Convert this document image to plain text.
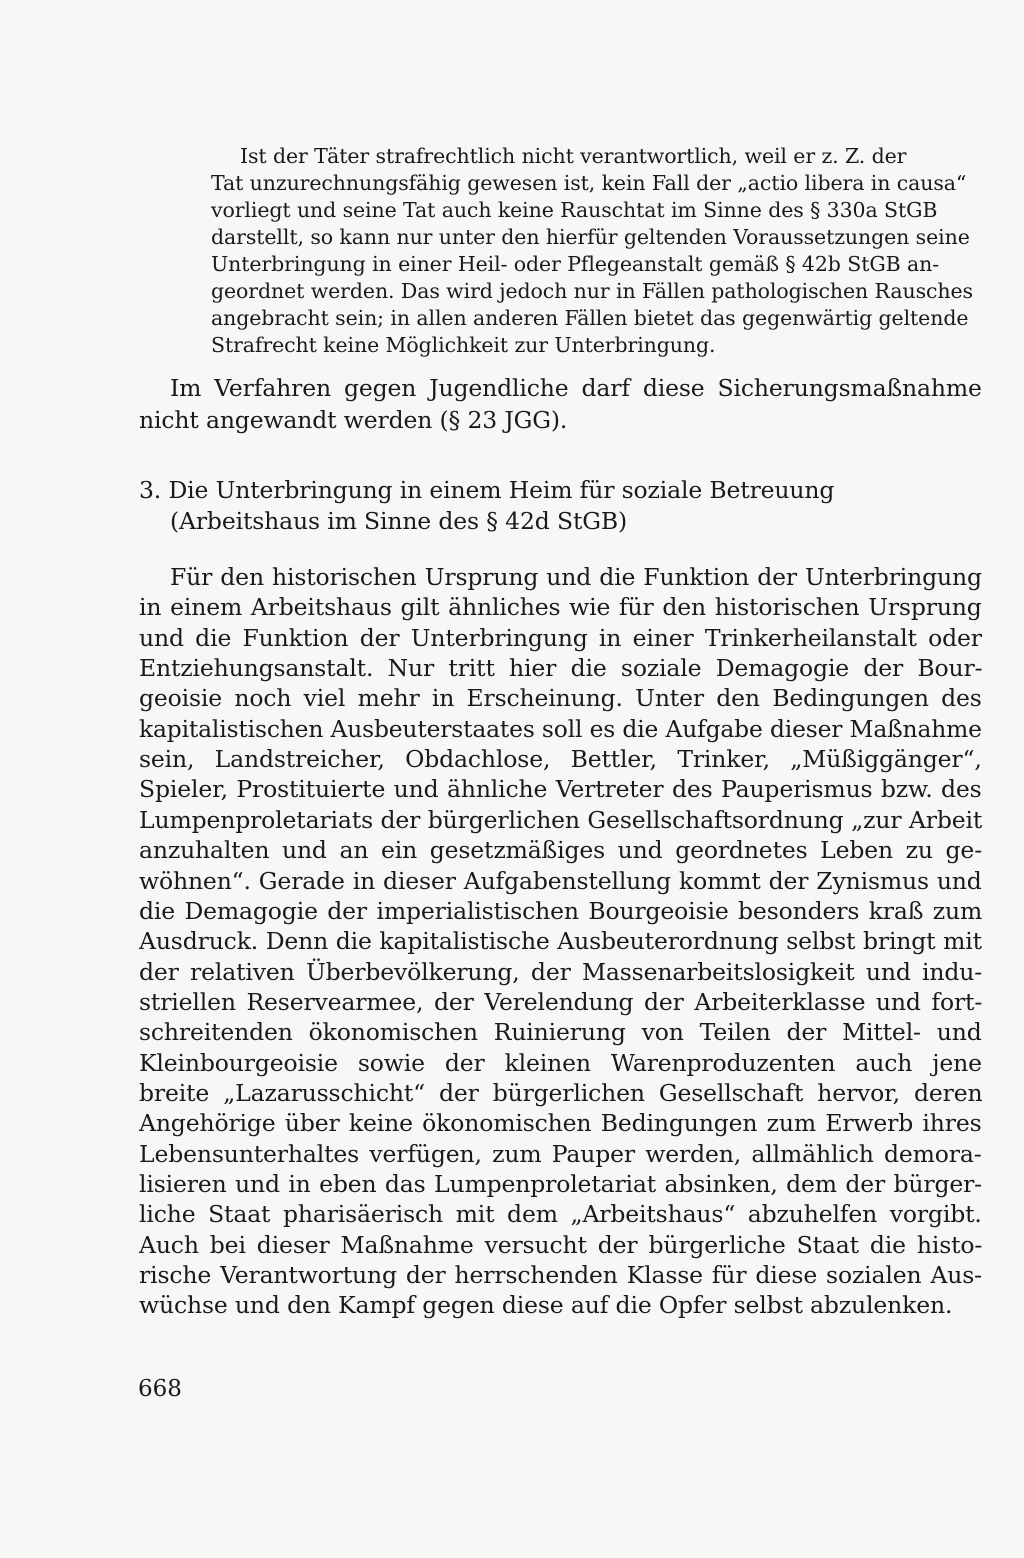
Ist der Täter strafrechtlich nicht verantwortlich, weil er z. Z. der

Tat unzurechnungsfähig gewesen ist, kein Fall der „actio libera in causa“

vorliegt und seine Tat auch keine Rauschtat im Sinne des § 330a StGB

darstellt, so kann nur unter den hierfür geltenden Voraussetzungen seine

Unterbringung in einer Heil- oder Pflegeanstalt gemäß § 42b StGB an-

geordnet werden. Das wird jedoch nur in Fällen pathologischen Rausches

angebracht sein; in allen anderen Fällen bietet das gegenwärtig geltende

Strafrecht keine Möglichkeit zur Unterbringung.

Im Verfahren gegen Jugendliche darf diese Sicherungsmaßnahme

nicht angewandt werden (§ 23 JGG).

3. Die Unterbringung in einem Heim für soziale Betreuung

(Arbeitshaus im Sinne des § 42d StGB)

Für den historischen Ursprung und die Funktion der Unterbringung

in einem Arbeitshaus gilt ähnliches wie für den historischen Ursprung

und die Funktion der Unterbringung in einer Trinkerheilanstalt oder

Entziehungsanstalt. Nur tritt hier die soziale Demagogie der Bour-

geoisie noch viel mehr in Erscheinung. Unter den Bedingungen des

kapitalistischen Ausbeuterstaates soll es die Aufgabe dieser Maßnahme

sein, Landstreicher, Obdachlose, Bettler, Trinker, „Müßiggänger“,

Spieler, Prostituierte und ähnliche Vertreter des Pauperismus bzw. des

Lumpenproletariats der bürgerlichen Gesellschaftsordnung „zur Arbeit

anzuhalten und an ein gesetzmäßiges und geordnetes Leben zu ge-

wöhnen“. Gerade in dieser Aufgabenstellung kommt der Zynismus und

die Demagogie der imperialistischen Bourgeoisie besonders kraß zum

Ausdruck. Denn die kapitalistische Ausbeuterordnung selbst bringt mit

der relativen Überbevölkerung, der Massenarbeitslosigkeit und indu-

striellen Reservearmee, der Verelendung der Arbeiterklasse und fort-

schreitenden ökonomischen Ruinierung von Teilen der Mittel- und

Kleinbourgeoisie sowie der kleinen Warenproduzenten auch jene

breite „Lazarusschicht“ der bürgerlichen Gesellschaft hervor, deren

Angehörige über keine ökonomischen Bedingungen zum Erwerb ihres

Lebensunterhaltes verfügen, zum Pauper werden, allmählich demora-

lisieren und in eben das Lumpenproletariat absinken, dem der bürger-

liche Staat pharisäerisch mit dem „Arbeitshaus“ abzuhelfen vorgibt.

Auch bei dieser Maßnahme versucht der bürgerliche Staat die histo-

rische Verantwortung der herrschenden Klasse für diese sozialen Aus-

wüchse und den Kampf gegen diese auf die Opfer selbst abzulenken.

668
